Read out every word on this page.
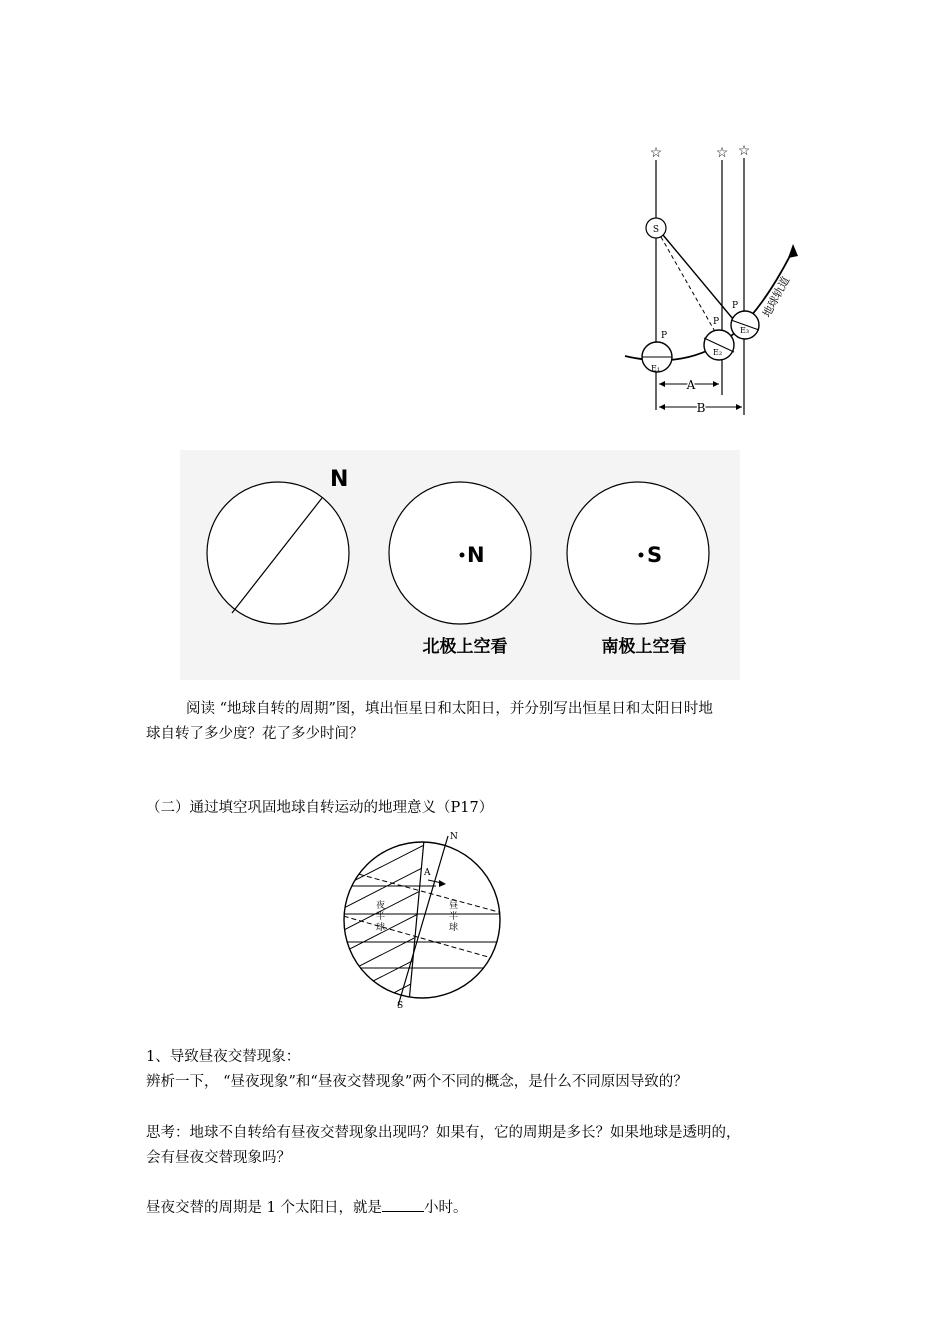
☆	☆ ☆
S
P
E₁
P
E₂
P
E₃
地球轨道
A
B
N
N	S
北极上空看	南极上空看

阅读 “地球自转的周期”图，填出恒星日和太阳日，并分别写出恒星日和太阳日时地

球自转了多少度？花了多少时间？

（二）通过填空巩固地球自转运动的地理意义（P17）

N
S
A
夜
半
球
昼
半
球

1、导致昼夜交替现象：

辨析一下， “昼夜现象”和“昼夜交替现象”两个不同的概念，是什么不同原因导致的？

思考：地球不自转给有昼夜交替现象出现吗？如果有，它的周期是多长？如果地球是透明的，

会有昼夜交替现象吗？

昼夜交替的周期是 1 个太阳日，就是	小时。
